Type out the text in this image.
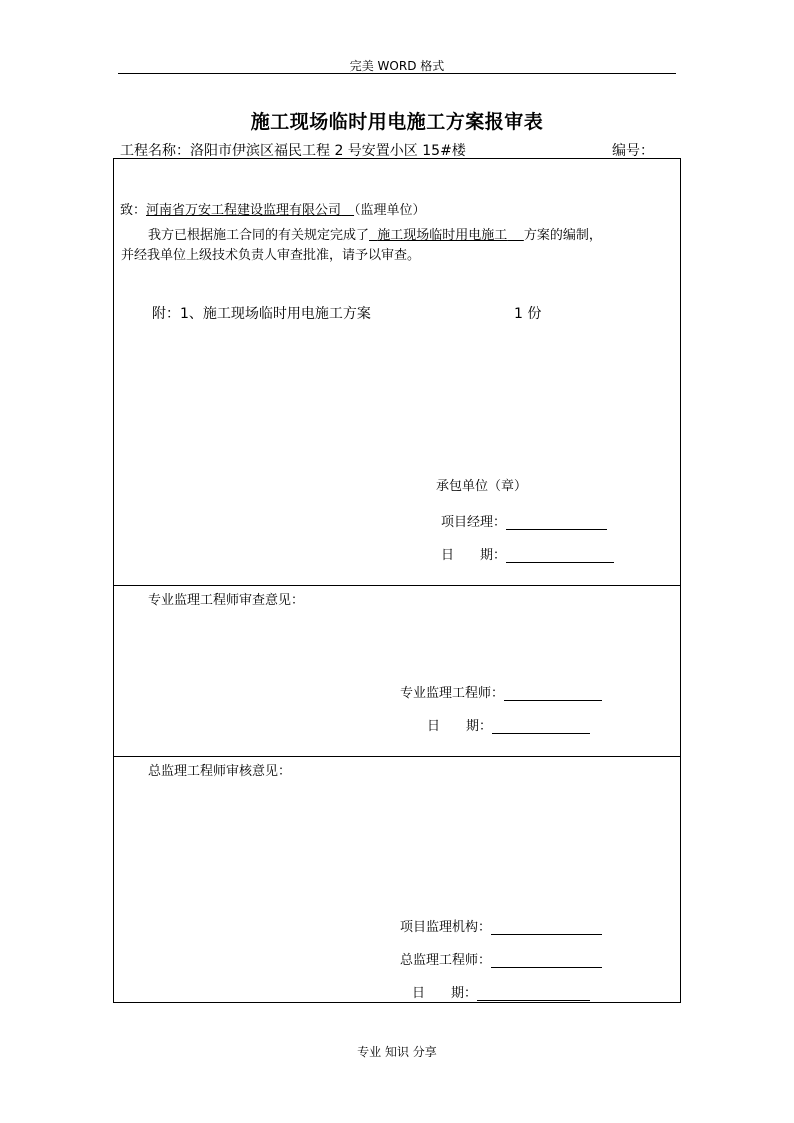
完美 WORD 格式
施工现场临时用电施工方案报审表
工程名称：洛阳市伊滨区福民工程 2 号安置小区 15#楼	编号：
致：河南省万安工程建设监理有限公司　 （监理单位）
我方已根据施工合同的有关规定完成了 施工现场临时用电施工 方案的编制，
并经我单位上级技术负责人审查批准，请予以审查。
附：1、施工现场临时用电施工方案	1 份
承包单位（章）
项目经理：
日　　期：
专业监理工程师审查意见：
专业监理工程师：
日　　期：
总监理工程师审核意见：
项目监理机构：
总监理工程师：
日　　期：
专业 知识 分享
